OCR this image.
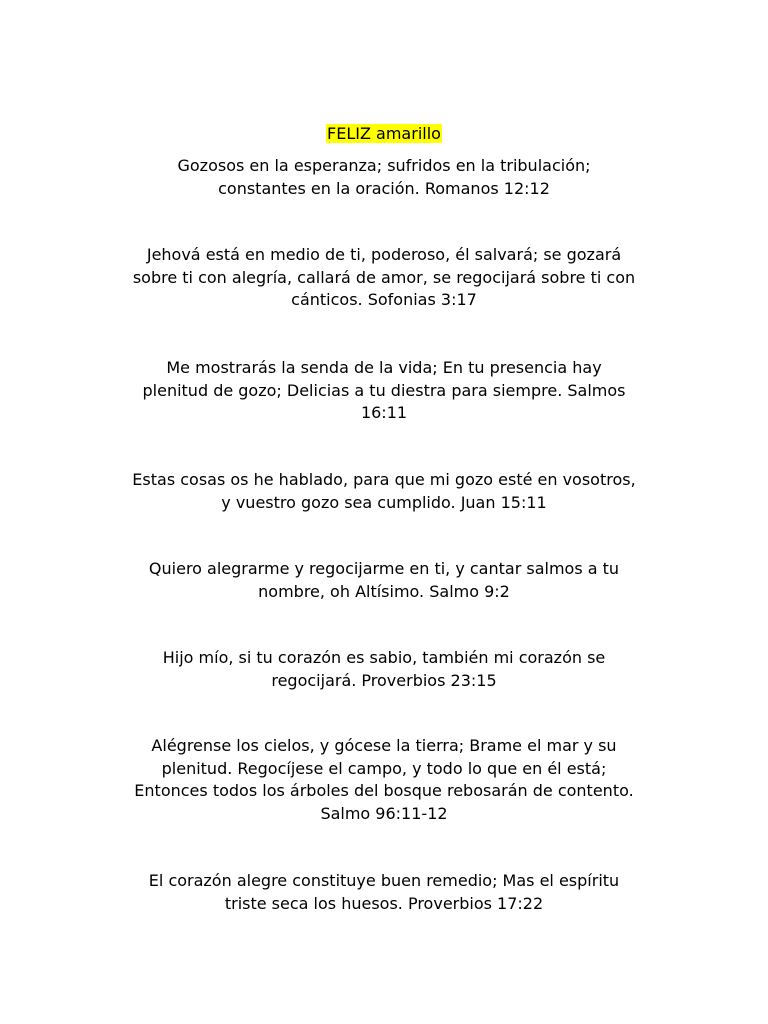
FELIZ amarillo

Gozosos en la esperanza; sufridos en la tribulación;
constantes en la oración. Romanos 12:12

Jehová está en medio de ti, poderoso, él salvará; se gozará
sobre ti con alegría, callará de amor, se regocijará sobre ti con
cánticos. Sofonias 3:17

Me mostrarás la senda de la vida; En tu presencia hay
plenitud de gozo; Delicias a tu diestra para siempre. Salmos
16:11

Estas cosas os he hablado, para que mi gozo esté en vosotros,
y vuestro gozo sea cumplido. Juan 15:11

Quiero alegrarme y regocijarme en ti, y cantar salmos a tu
nombre, oh Altísimo. Salmo 9:2

Hijo mío, si tu corazón es sabio, también mi corazón se
regocijará. Proverbios 23:15

Alégrense los cielos, y gócese la tierra; Brame el mar y su
plenitud. Regocíjese el campo, y todo lo que en él está;
Entonces todos los árboles del bosque rebosarán de contento.
Salmo 96:11-12

El corazón alegre constituye buen remedio; Mas el espíritu
triste seca los huesos. Proverbios 17:22
